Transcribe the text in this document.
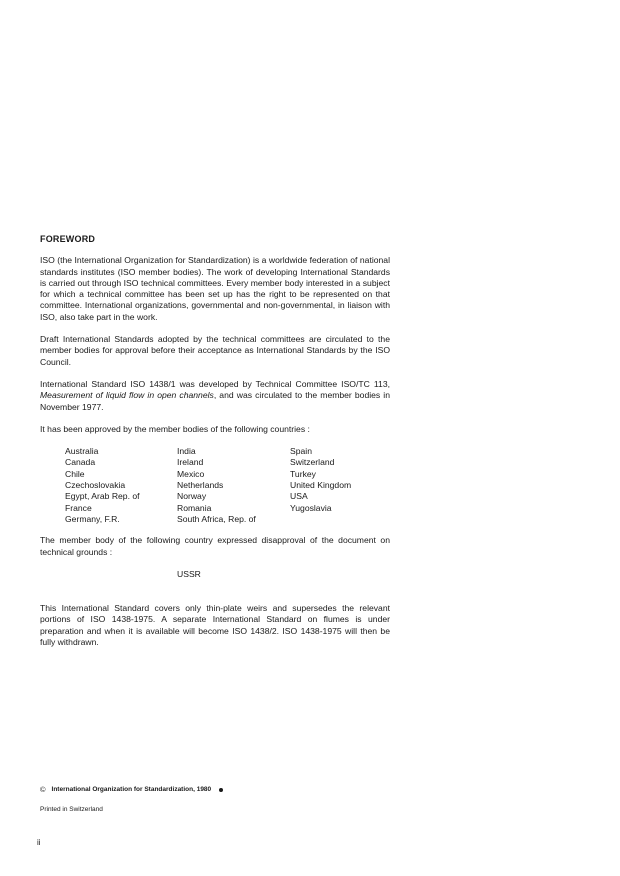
FOREWORD

ISO (the International Organization for Standardization) is a worldwide federation of national standards institutes (ISO member bodies). The work of developing International Standards is carried out through ISO technical committees. Every member body interested in a subject for which a technical committee has been set up has the right to be represented on that committee. International organizations, governmental and non-governmental, in liaison with ISO, also take part in the work.

Draft International Standards adopted by the technical committees are circulated to the member bodies for approval before their acceptance as International Standards by the ISO Council.

International Standard ISO 1438/1 was developed by Technical Committee ISO/TC 113, Measurement of liquid flow in open channels, and was circulated to the member bodies in November 1977.

It has been approved by the member bodies of the following countries :

Australia
Canada
Chile
Czechoslovakia
Egypt, Arab Rep. of
France
Germany, F.R.
India
Ireland
Mexico
Netherlands
Norway
Romania
South Africa, Rep. of
Spain
Switzerland
Turkey
United Kingdom
USA
Yugoslavia

The member body of the following country expressed disapproval of the document on technical grounds :

USSR

This International Standard covers only thin-plate weirs and supersedes the relevant portions of ISO 1438-1975. A separate International Standard on flumes is under preparation and when it is available will become ISO 1438/2. ISO 1438-1975 will then be fully withdrawn.

© International Organization for Standardization, 1980
Printed in Switzerland
ii
